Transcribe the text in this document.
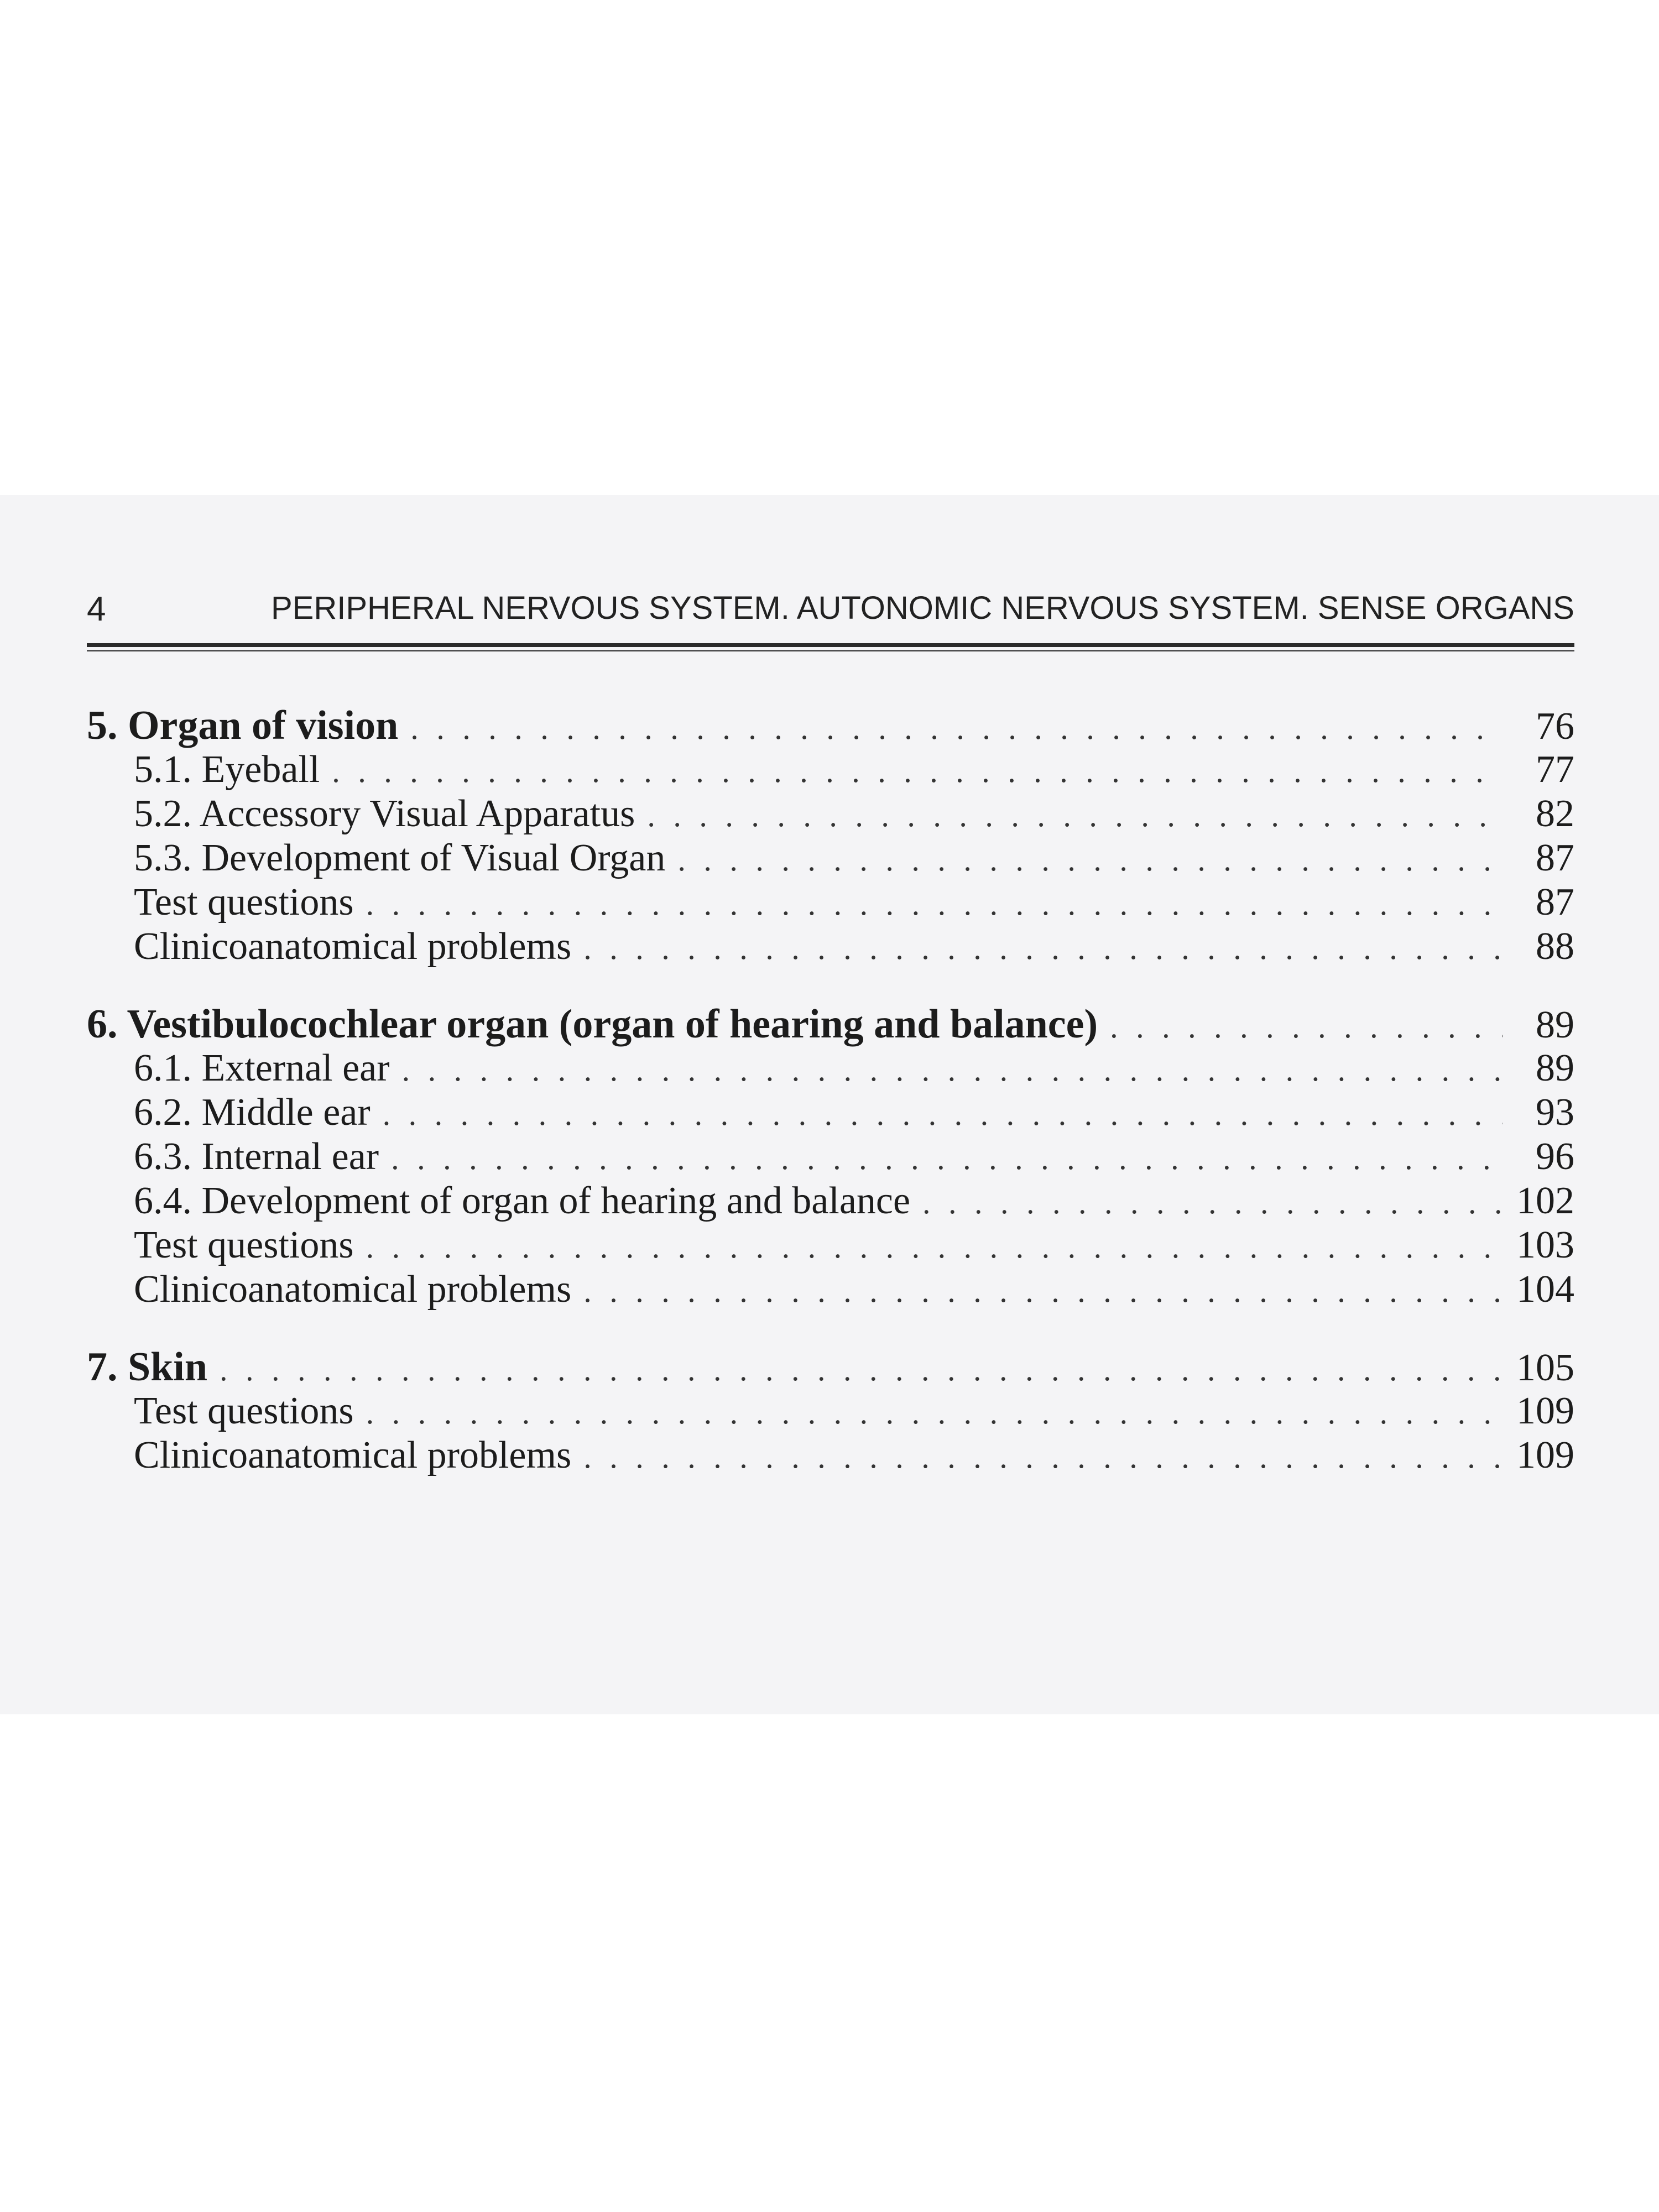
4	PERIPHERAL NERVOUS SYSTEM. AUTONOMIC NERVOUS SYSTEM. SENSE ORGANS
5. Organ of vision . . .	76
5.1. Eyeball . . .	77
5.2. Accessory Visual Apparatus . . .	82
5.3. Development of Visual Organ . . .	87
Test questions . . .	87
Clinicoanatomical problems . . .	88
6. Vestibulocochlear organ (organ of hearing and balance) . . .	89
6.1. External ear . . .	89
6.2. Middle ear . . .	93
6.3. Internal ear . . .	96
6.4. Development of organ of hearing and balance . . .	102
Test questions . . .	103
Clinicoanatomical problems . . .	104
7. Skin . . .	105
Test questions . . .	109
Clinicoanatomical problems . . .	109
